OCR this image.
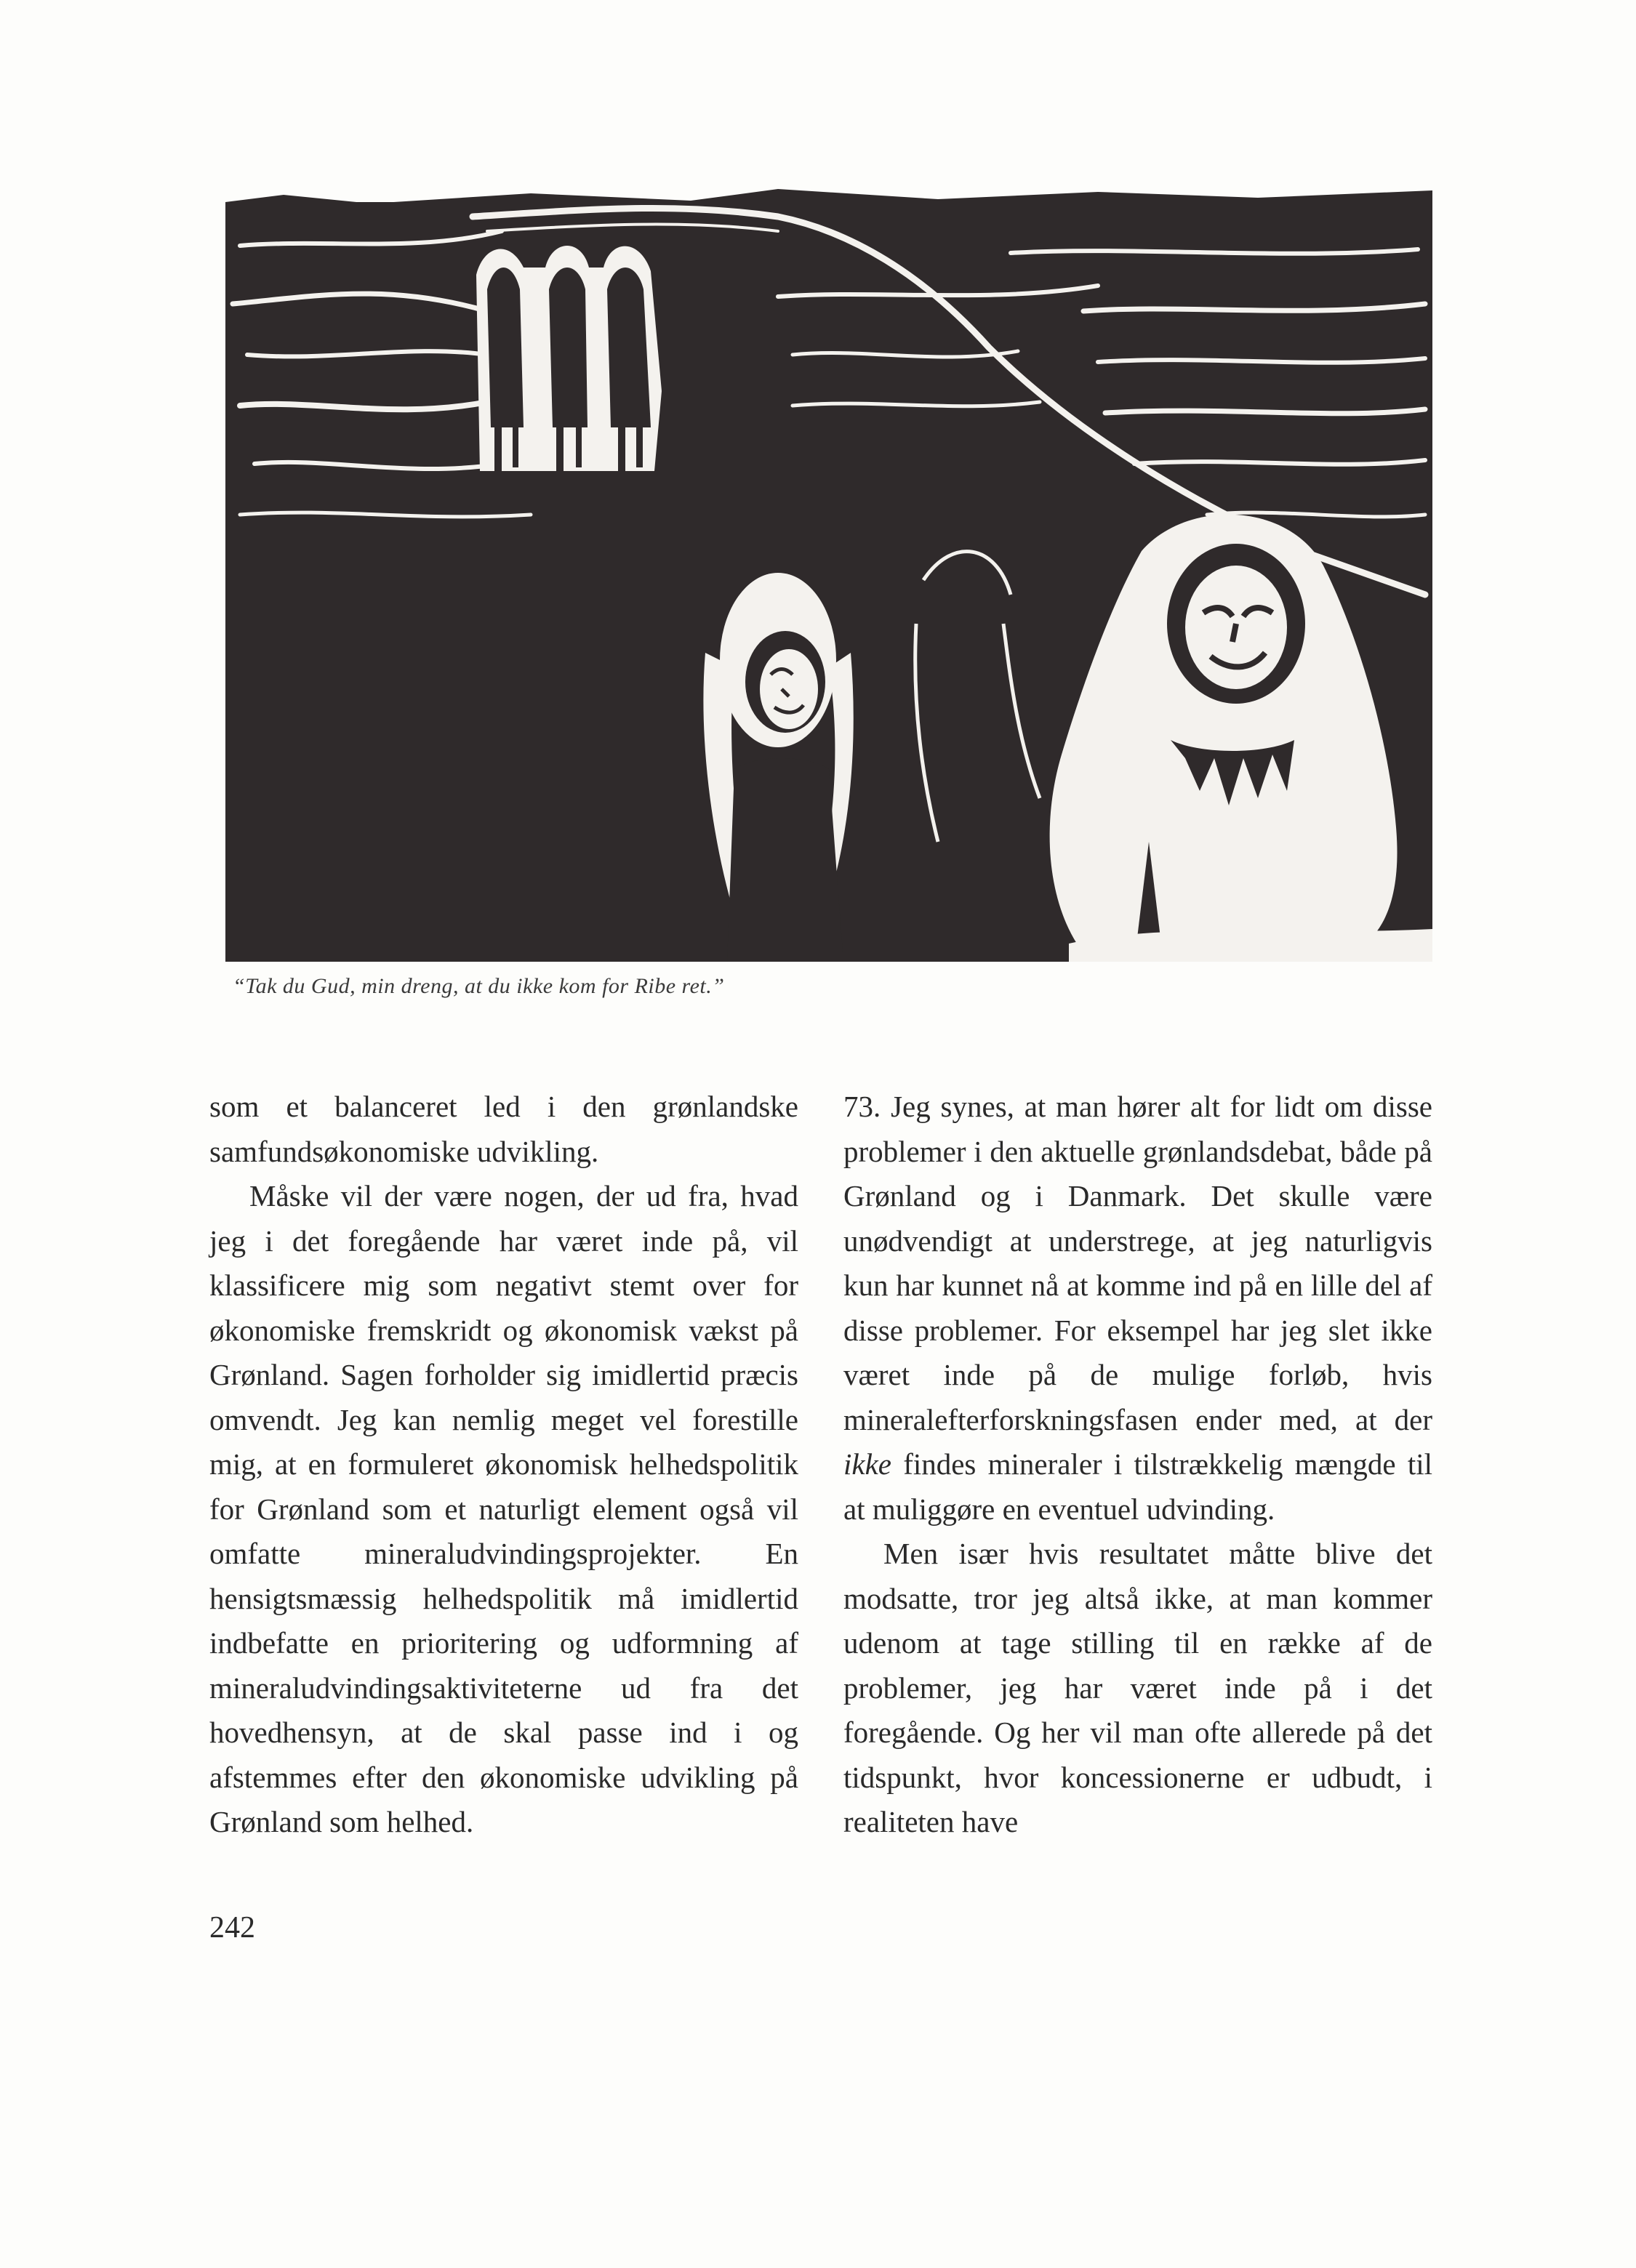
“Tak du Gud, min dreng, at du ikke kom for Ribe ret.”

som et balanceret led i den grønlandske samfundsøkonomiske udvikling.

Måske vil der være nogen, der ud fra, hvad jeg i det foregående har været inde på, vil klassificere mig som negativt stemt over for økonomiske fremskridt og økonomisk vækst på Grønland. Sagen forholder sig imidlertid præcis omvendt. Jeg kan nemlig meget vel forestille mig, at en formuleret økonomisk helhedspolitik for Grønland som et naturligt element også vil omfatte mineraludvindingsprojekter. En hensigtsmæssig helhedspolitik må imidlertid indbefatte en prioritering og udformning af mineraludvindingsaktiviteterne ud fra det hovedhensyn, at de skal passe ind i og afstemmes efter den økonomiske udvikling på Grønland som helhed.

73. Jeg synes, at man hører alt for lidt om disse problemer i den aktuelle grønlandsdebat, både på Grønland og i Danmark. Det skulle være unødvendigt at understrege, at jeg naturligvis kun har kunnet nå at komme ind på en lille del af disse problemer. For eksempel har jeg slet ikke været inde på de mulige forløb, hvis mineralefterforskningsfasen ender med, at der ikke findes mineraler i tilstrækkelig mængde til at muliggøre en eventuel udvinding.

Men især hvis resultatet måtte blive det modsatte, tror jeg altså ikke, at man kommer udenom at tage stilling til en række af de problemer, jeg har været inde på i det foregående. Og her vil man ofte allerede på det tidspunkt, hvor koncessionerne er udbudt, i realiteten have

242
